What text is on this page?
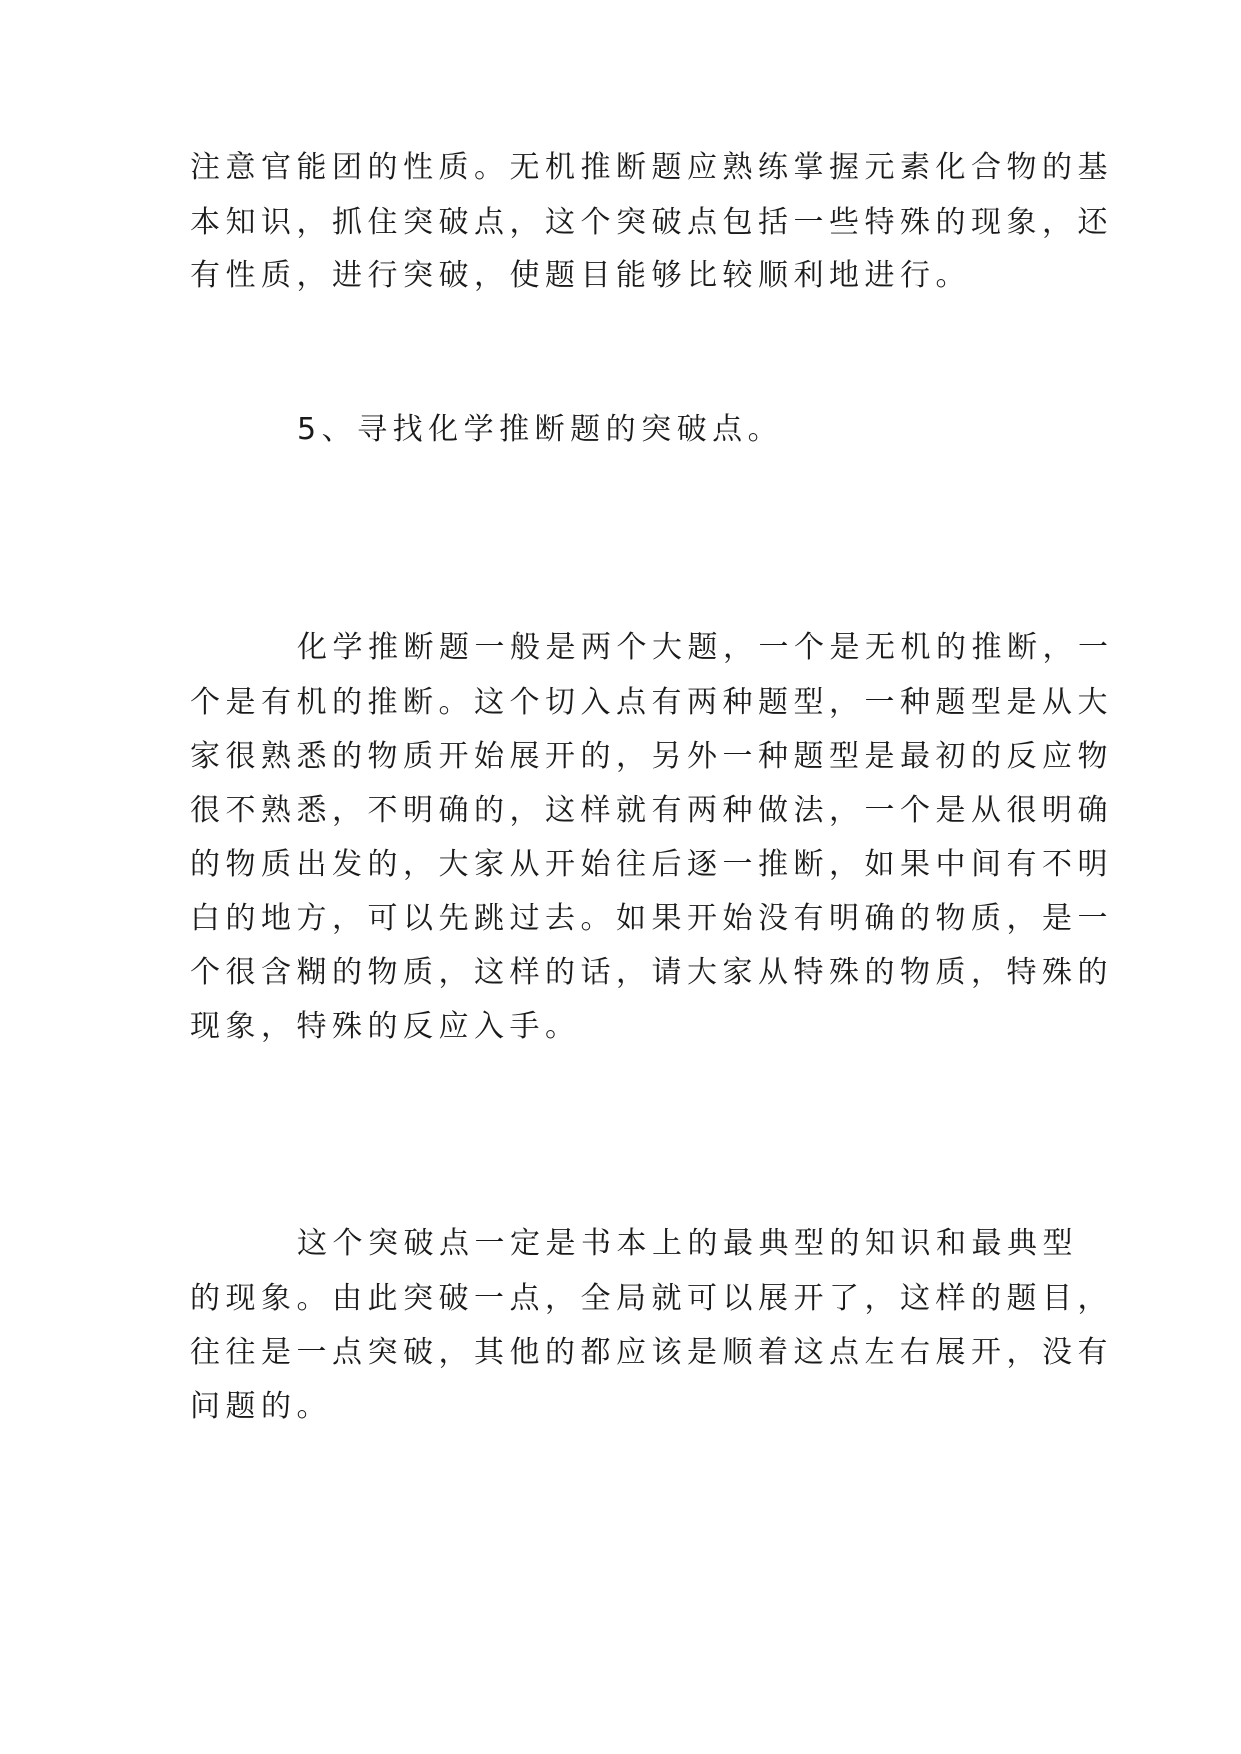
注意官能团的性质。无机推断题应熟练掌握元素化合物的基
本知识，抓住突破点，这个突破点包括一些特殊的现象，还
有性质，进行突破，使题目能够比较顺利地进行。
5、寻找化学推断题的突破点。
化学推断题一般是两个大题，一个是无机的推断，一
个是有机的推断。这个切入点有两种题型，一种题型是从大
家很熟悉的物质开始展开的，另外一种题型是最初的反应物
很不熟悉，不明确的，这样就有两种做法，一个是从很明确
的物质出发的，大家从开始往后逐一推断，如果中间有不明
白的地方，可以先跳过去。如果开始没有明确的物质，是一
个很含糊的物质，这样的话，请大家从特殊的物质，特殊的
现象，特殊的反应入手。
这个突破点一定是书本上的最典型的知识和最典型
的现象。由此突破一点，全局就可以展开了，这样的题目，
往往是一点突破，其他的都应该是顺着这点左右展开，没有
问题的。
